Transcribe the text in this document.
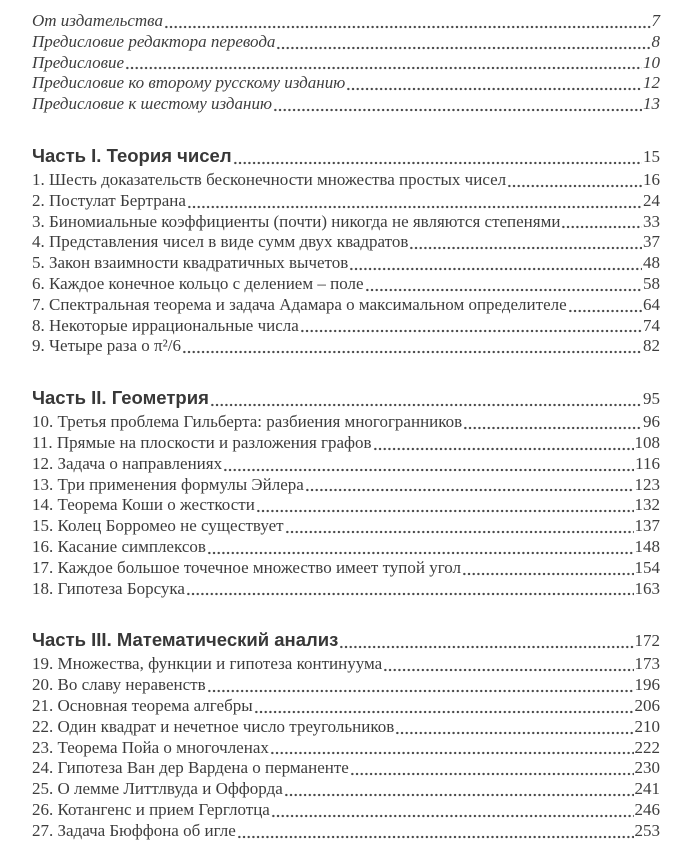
От издательства	7
Предисловие редактора перевода	8
Предисловие	10
Предисловие ко второму русскому изданию	12
Предисловие к шестому изданию	13
Часть I. Теория чисел	15
1. Шесть доказательств бесконечности множества простых чисел	16
2. Постулат Бертрана	24
3. Биномиальные коэффициенты (почти) никогда не являются степенями	33
4. Представления чисел в виде сумм двух квадратов	37
5. Закон взаимности квадратичных вычетов	48
6. Каждое конечное кольцо с делением – поле	58
7. Спектральная теорема и задача Адамара о максимальном определителе	64
8. Некоторые иррациональные числа	74
9. Четыре раза о π²/6	82
Часть II. Геометрия	95
10. Третья проблема Гильберта: разбиения многогранников	96
11. Прямые на плоскости и разложения графов	108
12. Задача о направлениях	116
13. Три применения формулы Эйлера	123
14. Теорема Коши о жесткости	132
15. Колец Борромео не существует	137
16. Касание симплексов	148
17. Каждое большое точечное множество имеет тупой угол	154
18. Гипотеза Борсука	163
Часть III. Математический анализ	172
19. Множества, функции и гипотеза континуума	173
20. Во славу неравенств	196
21. Основная теорема алгебры	206
22. Один квадрат и нечетное число треугольников	210
23. Теорема Пойа о многочленах	222
24. Гипотеза Ван дер Вардена о перманенте	230
25. О лемме Литтлвуда и Оффорда	241
26. Котангенс и прием Герглотца	246
27. Задача Бюффона об игле	253
